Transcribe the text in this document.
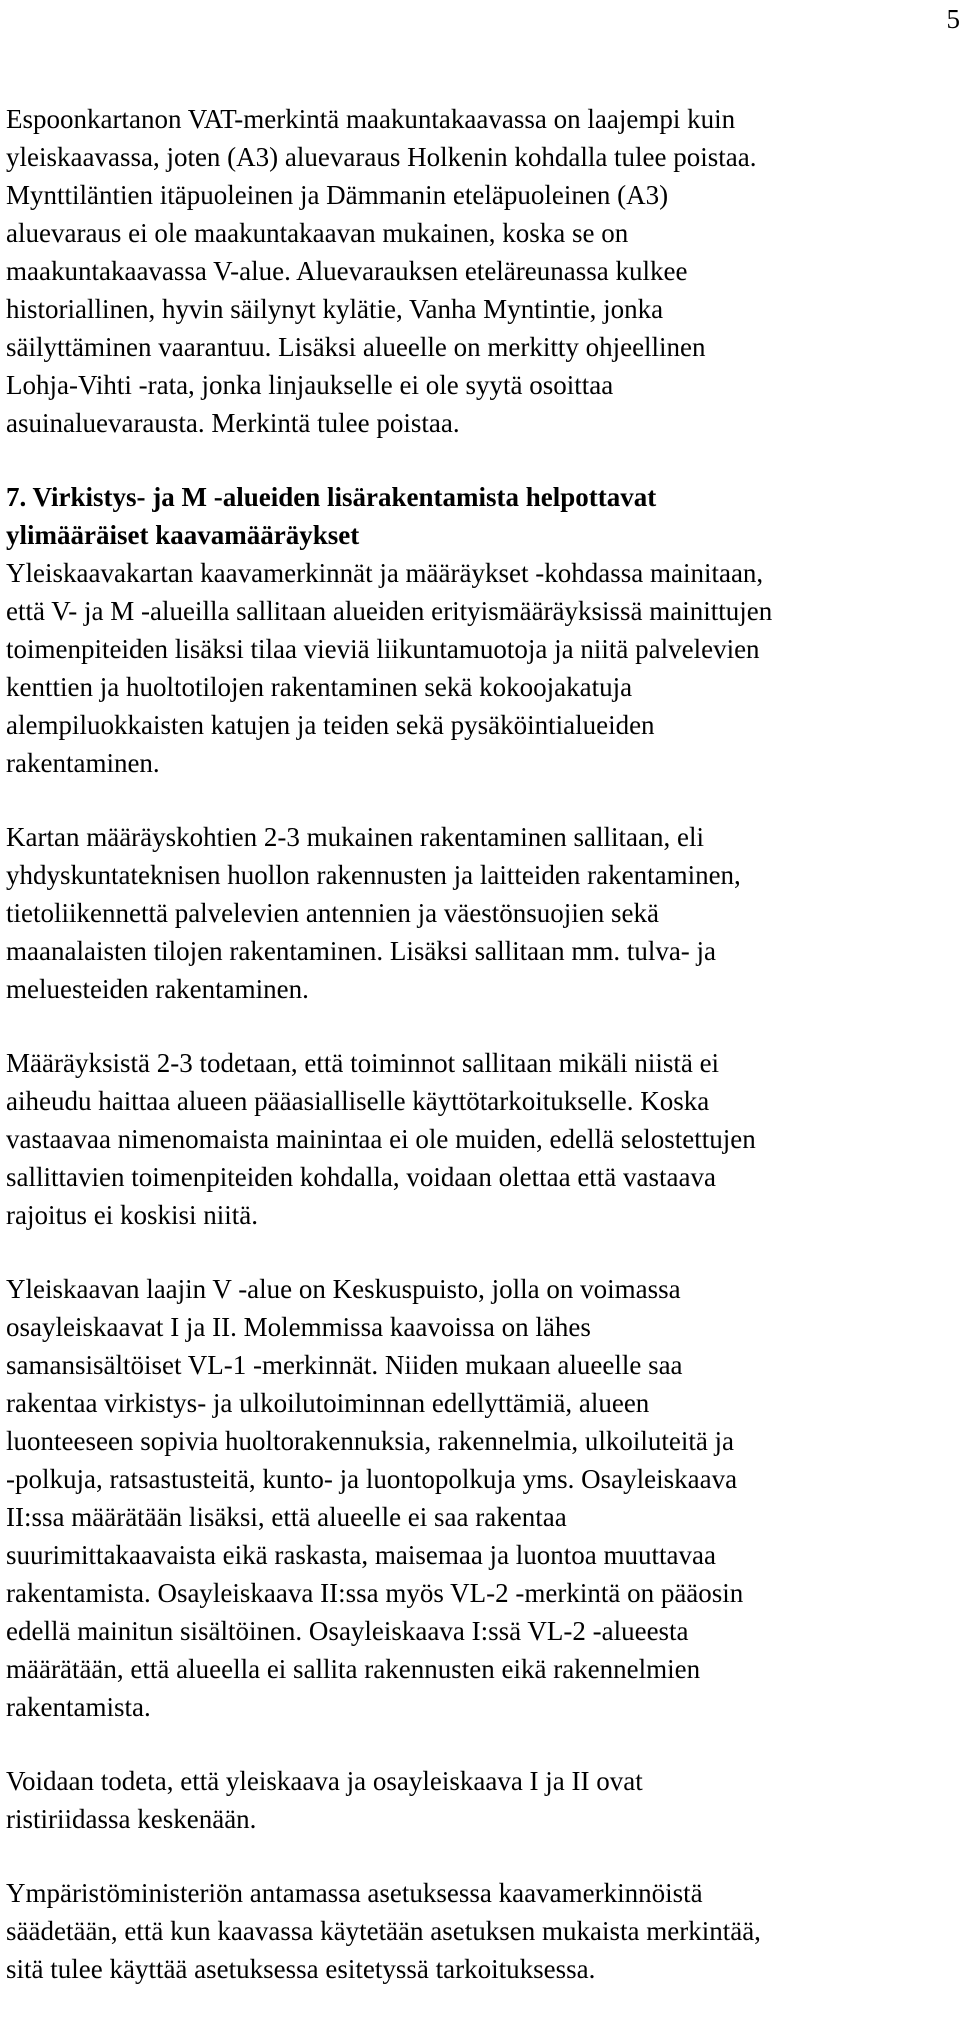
5

Espoonkartanon VAT-merkintä maakuntakaavassa on laajempi kuin
yleiskaavassa, joten (A3) aluevaraus Holkenin kohdalla tulee poistaa.
Mynttiläntien itäpuoleinen ja Dämmanin eteläpuoleinen (A3)
aluevaraus ei ole maakuntakaavan mukainen, koska se on
maakuntakaavassa V-alue. Aluevarauksen eteläreunassa kulkee
historiallinen, hyvin säilynyt kylätie, Vanha Myntintie, jonka
säilyttäminen vaarantuu. Lisäksi alueelle on merkitty ohjeellinen
Lohja-Vihti -rata, jonka linjaukselle ei ole syytä osoittaa
asuinaluevarausta. Merkintä tulee poistaa.

7. Virkistys- ja M -alueiden lisärakentamista helpottavat
ylimääräiset kaavamääräykset

Yleiskaavakartan kaavamerkinnät ja määräykset -kohdassa mainitaan,
että V- ja M -alueilla sallitaan alueiden erityismääräyksissä mainittujen
toimenpiteiden lisäksi tilaa vieviä liikuntamuotoja ja niitä palvelevien
kenttien ja huoltotilojen rakentaminen sekä kokoojakatuja
alempiluokkaisten katujen ja teiden sekä pysäköintialueiden
rakentaminen.

Kartan määräyskohtien 2-3 mukainen rakentaminen sallitaan, eli
yhdyskuntateknisen huollon rakennusten ja laitteiden rakentaminen,
tietoliikennettä palvelevien antennien ja väestönsuojien sekä
maanalaisten tilojen rakentaminen. Lisäksi sallitaan mm. tulva- ja
meluesteiden rakentaminen.

Määräyksistä 2-3 todetaan, että toiminnot sallitaan mikäli niistä ei
aiheudu haittaa alueen pääasialliselle käyttötarkoitukselle. Koska
vastaavaa nimenomaista mainintaa ei ole muiden, edellä selostettujen
sallittavien toimenpiteiden kohdalla, voidaan olettaa että vastaava
rajoitus ei koskisi niitä.

Yleiskaavan laajin V -alue on Keskuspuisto, jolla on voimassa
osayleiskaavat I ja II. Molemmissa kaavoissa on lähes
samansisältöiset VL-1 -merkinnät. Niiden mukaan alueelle saa
rakentaa virkistys- ja ulkoilutoiminnan edellyttämiä, alueen
luonteeseen sopivia huoltorakennuksia, rakennelmia, ulkoiluteitä ja
-polkuja, ratsastusteitä, kunto- ja luontopolkuja yms. Osayleiskaava
II:ssa määrätään lisäksi, että alueelle ei saa rakentaa
suurimittakaavaista eikä raskasta, maisemaa ja luontoa muuttavaa
rakentamista. Osayleiskaava II:ssa myös VL-2 -merkintä on pääosin
edellä mainitun sisältöinen. Osayleiskaava I:ssä VL-2 -alueesta
määrätään, että alueella ei sallita rakennusten eikä rakennelmien
rakentamista.

Voidaan todeta, että yleiskaava ja osayleiskaava I ja II ovat
ristiriidassa keskenään.

Ympäristöministeriön antamassa asetuksessa kaavamerkinnöistä
säädetään, että kun kaavassa käytetään asetuksen mukaista merkintää,
sitä tulee käyttää asetuksessa esitetyssä tarkoituksessa.
